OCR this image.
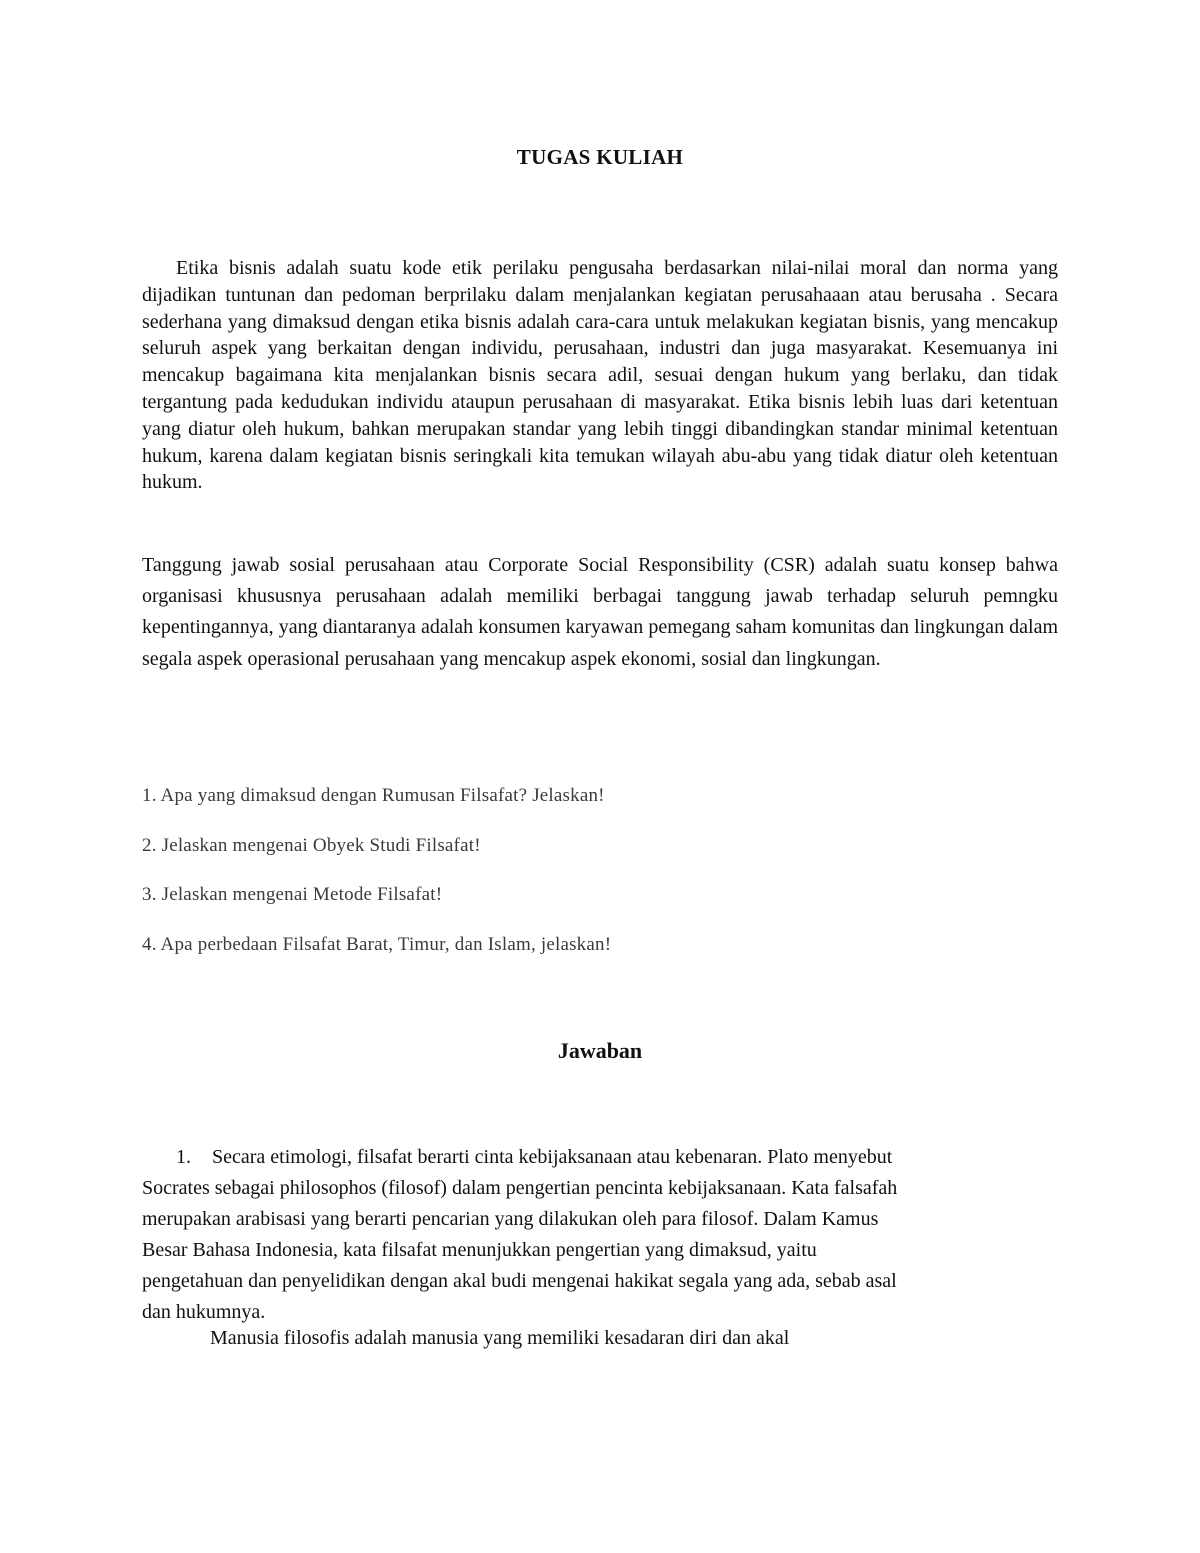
TUGAS KULIAH

Etika bisnis adalah suatu kode etik perilaku pengusaha berdasarkan nilai-nilai moral dan norma yang dijadikan tuntunan dan pedoman berprilaku dalam menjalankan kegiatan perusahaaan atau berusaha . Secara sederhana yang dimaksud dengan etika bisnis adalah cara-cara untuk melakukan kegiatan bisnis, yang mencakup seluruh aspek yang berkaitan dengan individu, perusahaan, industri dan juga masyarakat. Kesemuanya ini mencakup bagaimana kita menjalankan bisnis secara adil, sesuai dengan hukum yang berlaku, dan tidak tergantung pada kedudukan individu ataupun perusahaan di masyarakat. Etika bisnis lebih luas dari ketentuan yang diatur oleh hukum, bahkan merupakan standar yang lebih tinggi dibandingkan standar minimal ketentuan hukum, karena dalam kegiatan bisnis seringkali kita temukan wilayah abu-abu yang tidak diatur oleh ketentuan hukum.

Tanggung jawab sosial perusahaan atau Corporate Social Responsibility (CSR) adalah suatu konsep bahwa organisasi khususnya perusahaan adalah memiliki berbagai tanggung jawab terhadap seluruh pemngku kepentingannya, yang diantaranya adalah konsumen karyawan pemegang saham komunitas dan lingkungan dalam segala aspek operasional perusahaan yang mencakup aspek ekonomi, sosial dan lingkungan.

1. Apa yang dimaksud dengan Rumusan Filsafat? Jelaskan!
2. Jelaskan mengenai Obyek Studi Filsafat!
3. Jelaskan mengenai Metode Filsafat!
4. Apa perbedaan Filsafat Barat, Timur, dan Islam, jelaskan!
Jawaban

1. Secara etimologi, filsafat berarti cinta kebijaksanaan atau kebenaran. Plato menyebut Socrates sebagai philosophos (filosof) dalam pengertian pencinta kebijaksanaan. Kata falsafah merupakan arabisasi yang berarti pencarian yang dilakukan oleh para filosof. Dalam Kamus Besar Bahasa Indonesia, kata filsafat menunjukkan pengertian yang dimaksud, yaitu pengetahuan dan penyelidikan dengan akal budi mengenai hakikat segala yang ada, sebab asal dan hukumnya.

Manusia filosofis adalah manusia yang memiliki kesadaran diri dan akal
